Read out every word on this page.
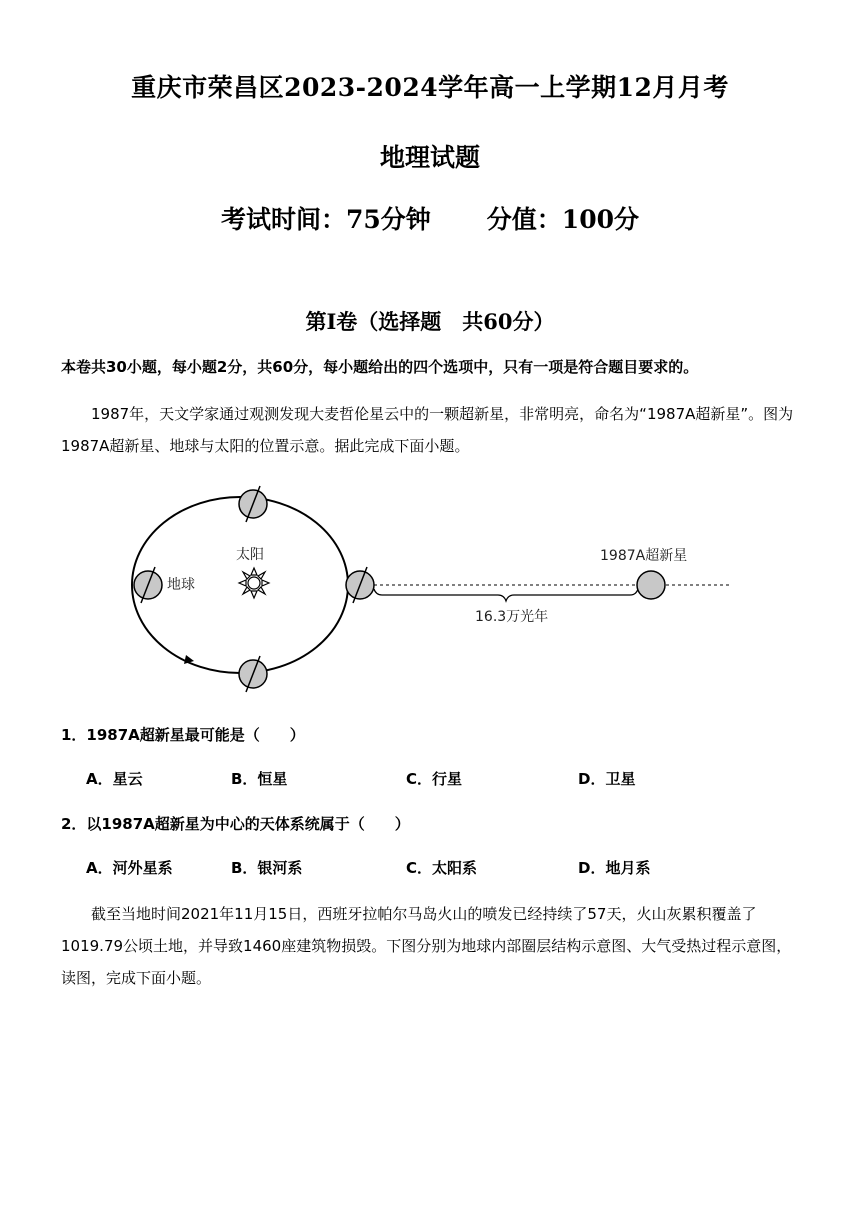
重庆市荣昌区2023-2024学年高一上学期12月月考
地理试题
考试时间：75分钟 分值：100分
第Ⅰ卷（选择题　共60分）
本卷共30小题，每小题2分，共60分，每小题给出的四个选项中，只有一项是符合题目要求的。
1987年，天文学家通过观测发现大麦哲伦星云中的一颗超新星，非常明亮，命名为“1987A超新星”。图为1987A超新星、地球与太阳的位置示意。据此完成下面小题。
地球
太阳	1987A超新星
16.3万光年
1．1987A超新星最可能是（　　）
A．星云	B．恒星	C．行星	D．卫星
2．以1987A超新星为中心的天体系统属于（　　）
A．河外星系	B．银河系	C．太阳系	D．地月系
截至当地时间2021年11月15日，西班牙拉帕尔马岛火山的喷发已经持续了57天，火山灰累积覆盖了1019.79公顷土地，并导致1460座建筑物损毁。下图分别为地球内部圈层结构示意图、大气受热过程示意图，读图，完成下面小题。
